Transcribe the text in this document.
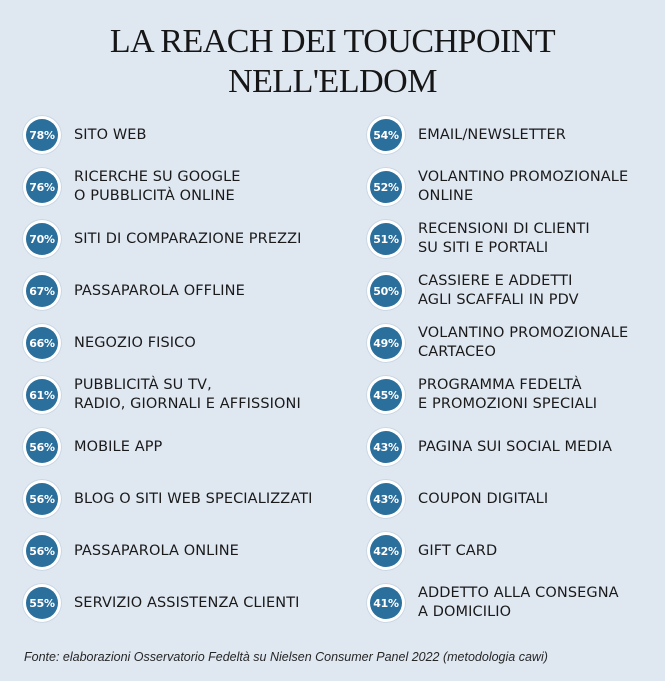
LA REACH DEI TOUCHPOINT
NELL'ELDOM
78% SITO WEB
76%
RICERCHE SU GOOGLE
O PUBBLICITÀ ONLINE
70% SITI DI COMPARAZIONE PREZZI
67% PASSAPAROLA OFFLINE
66% NEGOZIO FISICO
61%
PUBBLICITÀ SU TV,
RADIO, GIORNALI E AFFISSIONI
56% MOBILE APP
56% BLOG O SITI WEB SPECIALIZZATI
56% PASSAPAROLA ONLINE
55% SERVIZIO ASSISTENZA CLIENTI
54% EMAIL/NEWSLETTER
52%
VOLANTINO PROMOZIONALE
ONLINE
51%
RECENSIONI DI CLIENTI
SU SITI E PORTALI
50%
CASSIERE E ADDETTI
AGLI SCAFFALI IN PDV
49%
VOLANTINO PROMOZIONALE
CARTACEO
45%
PROGRAMMA FEDELTÀ
E PROMOZIONI SPECIALI
43% PAGINA SUI SOCIAL MEDIA
43% COUPON DIGITALI
42% GIFT CARD
41%
ADDETTO ALLA CONSEGNA
A DOMICILIO

Fonte: elaborazioni Osservatorio Fedeltà su Nielsen Consumer Panel 2022 (metodologia cawi)
